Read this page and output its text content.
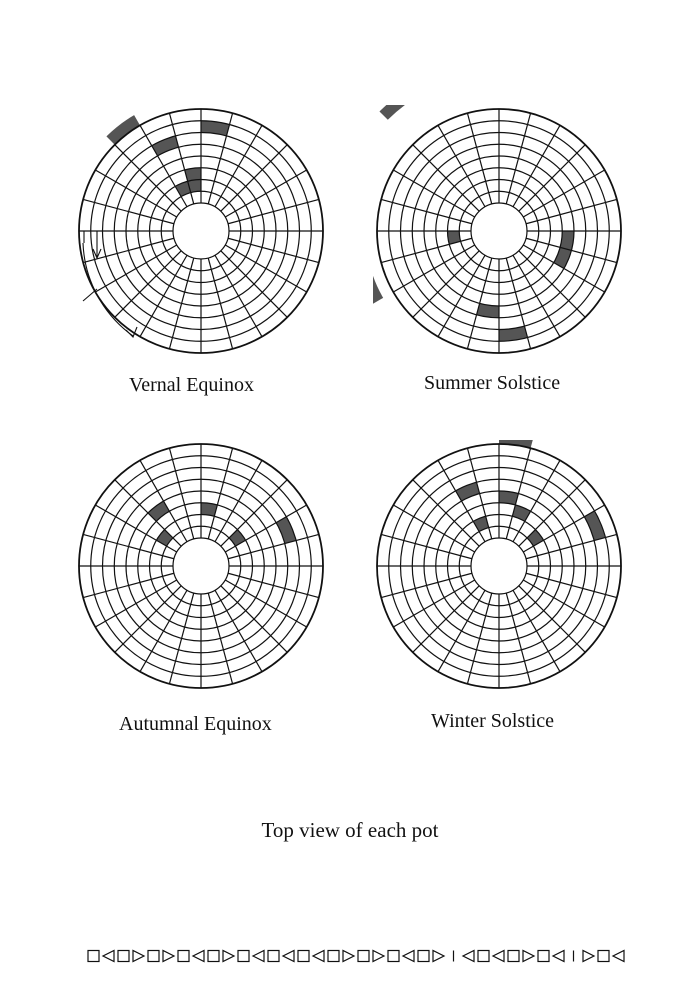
Vernal Equinox	Summer Solstice
Autumnal Equinox	Winter Solstice
Top view of each pot
